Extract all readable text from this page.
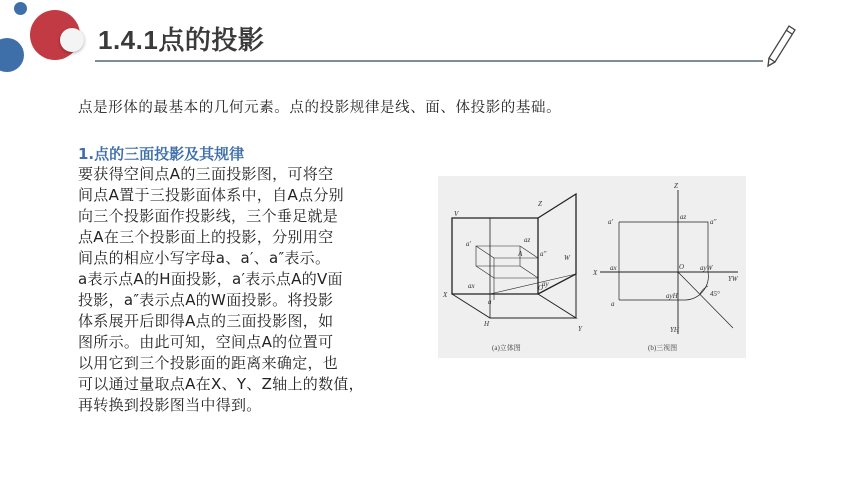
1.4.1点的投影
点是形体的最基本的几何元素。点的投影规律是线、面、体投影的基础。
1.点的三面投影及其规律
要获得空间点A的三面投影图，可将空
间点A置于三投影面体系中，自A点分别
向三个投影面作投影线，三个垂足就是
点A在三个投影面上的投影，分别用空
间点的相应小写字母a、a′、a″表示。
a表示点A的H面投影，a′表示点A的V面
投影，a″表示点A的W面投影。将投影
体系展开后即得A点的三面投影图，如
图所示。由此可知，空间点A的位置可
以用它到三个投影面的距离来确定，也
可以通过量取点A在X、Y、Z轴上的数值，
再转换到投影图当中得到。
V
Z
X
Y
W
H
O
A
a
a′
a″
az
ax	ay
Z
X
O
YW
YH
a′	a″
a
az
ax	ayW
ayH	45°
(a)立体图	(b)三视图
